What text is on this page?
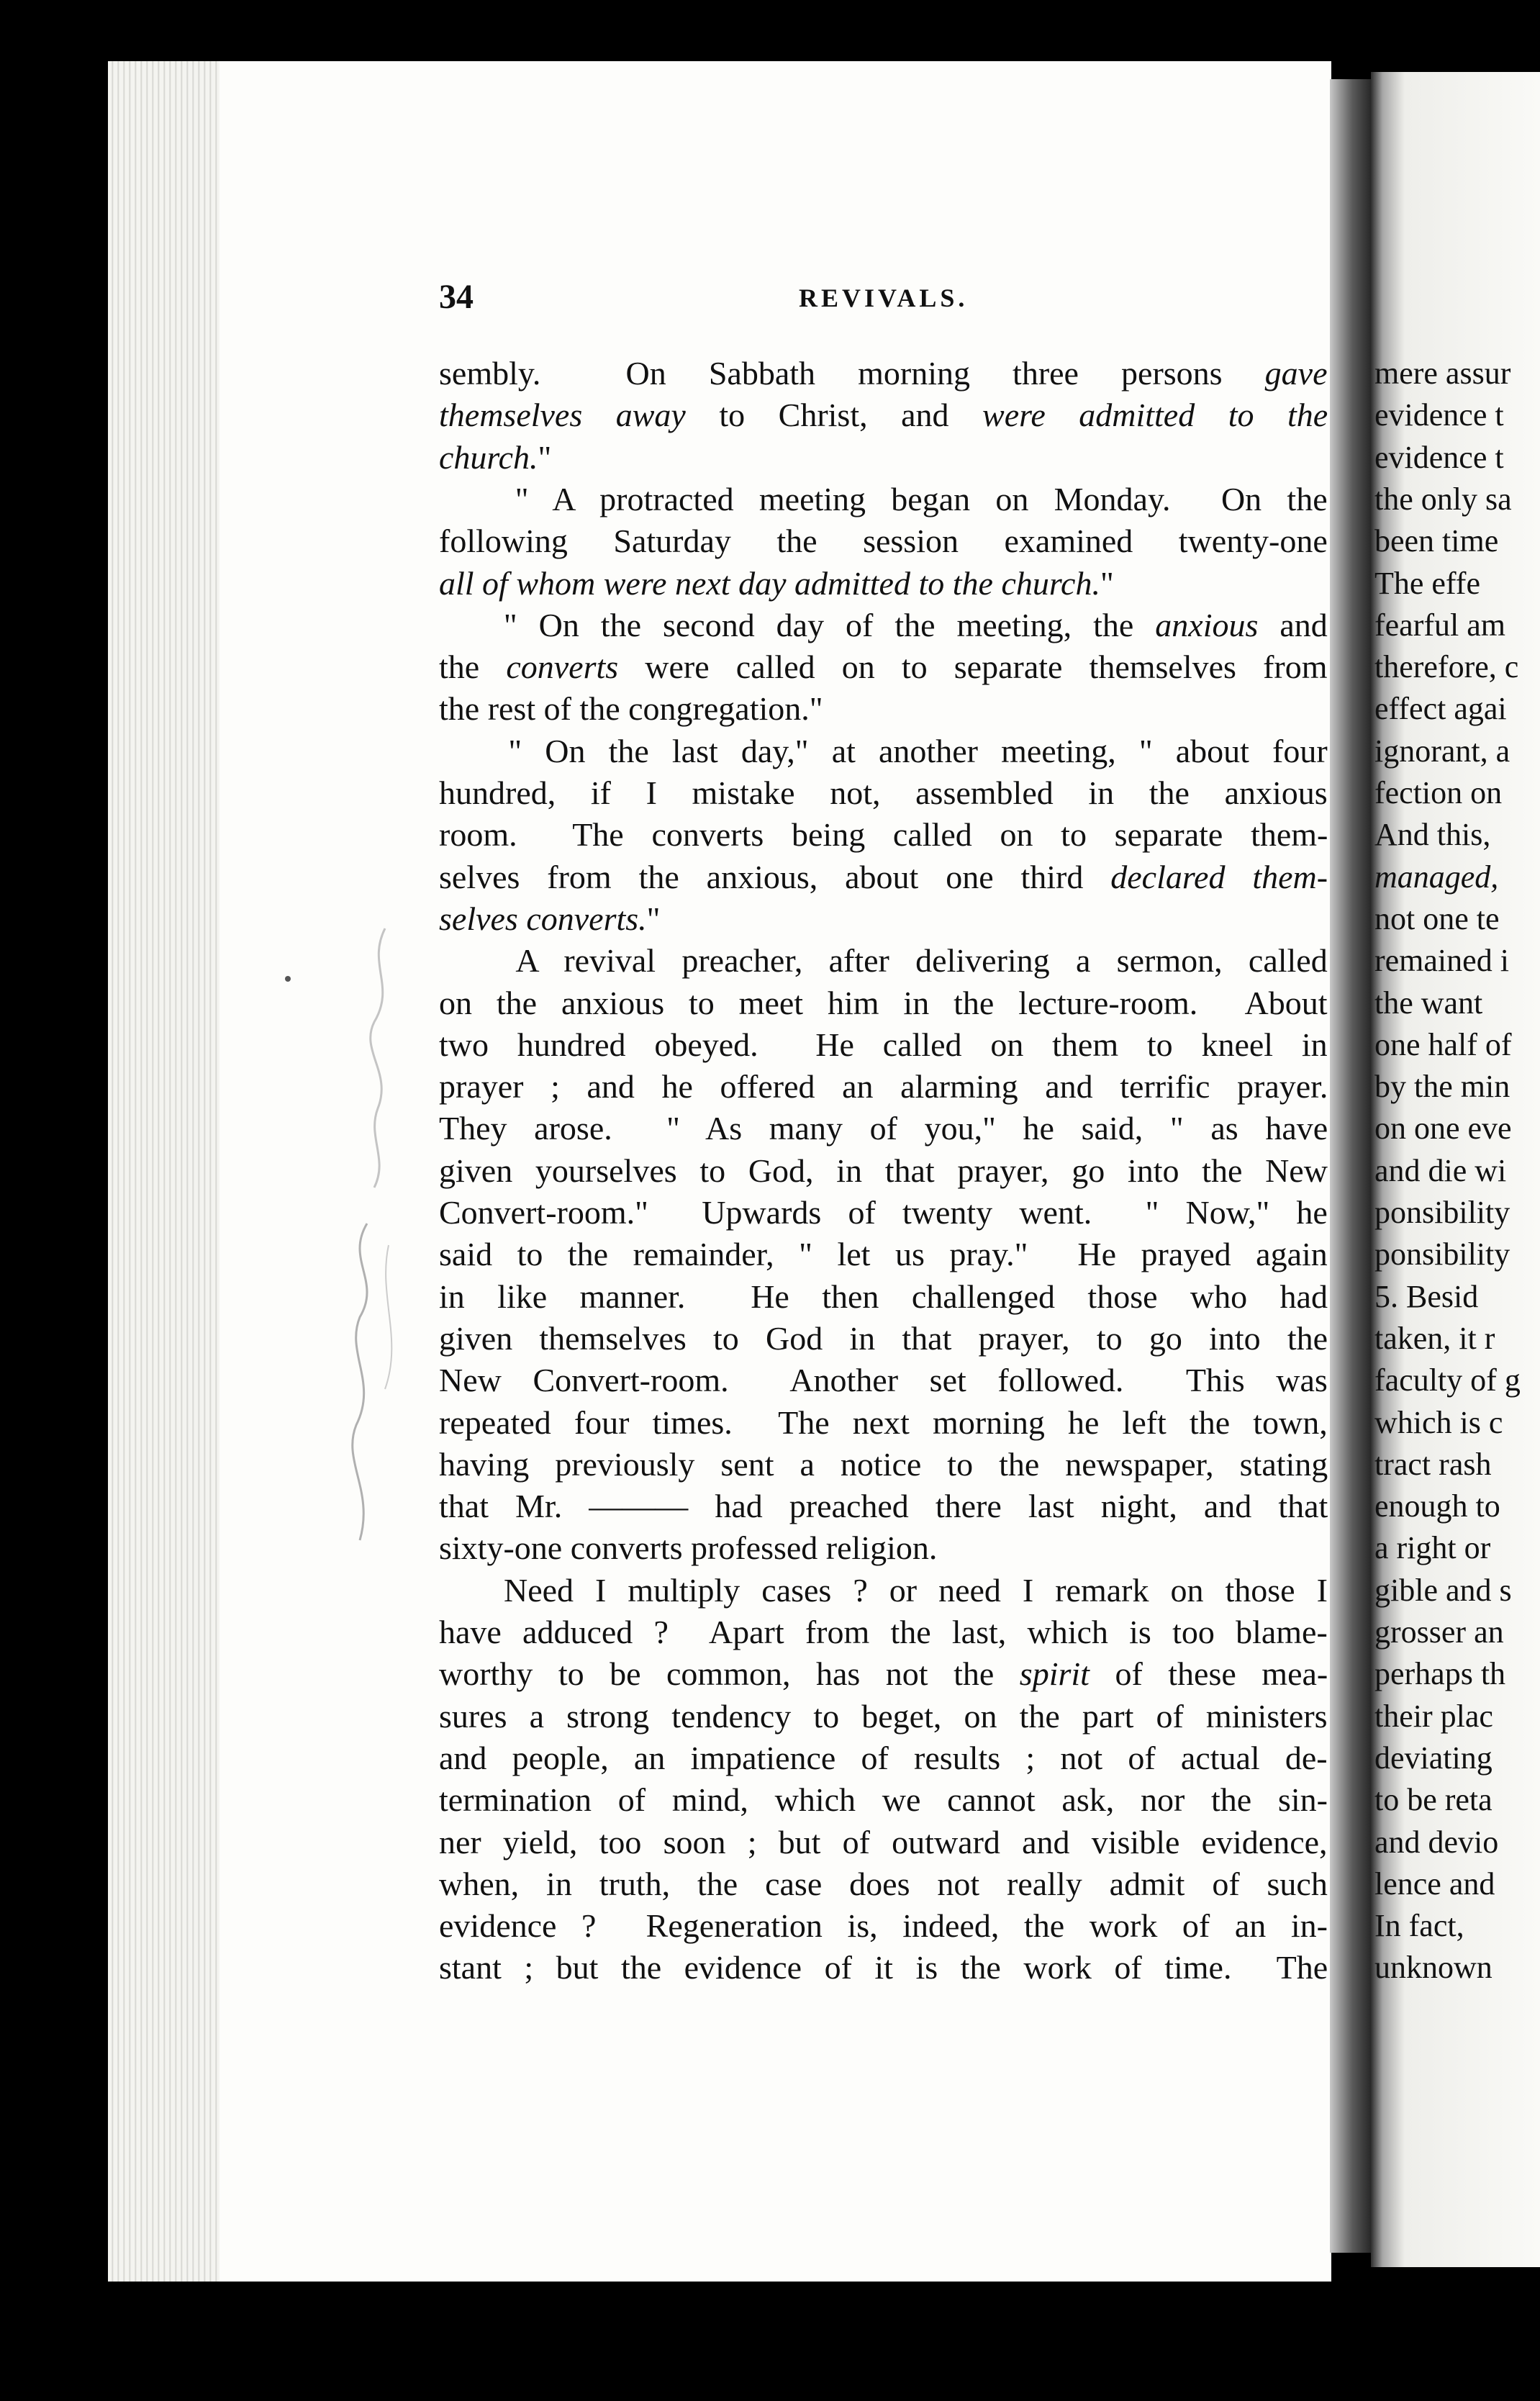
mere assur
evidence t
evidence t
the only sa
been time
The effe
fearful am
therefore, c
effect agai
ignorant, a
fection on
And this,
managed,
not one te
remained i
the want
one half of
by the min
on one eve
and die wi
ponsibility
ponsibility
5. Besid
taken, it r
faculty of g
which is c
tract rash
enough to
a right or
gible and s
grosser an
perhaps th
their plac
deviating
to be reta
and devio
lence and
In fact,
unknown
34	REVIVALS.
sembly.  On Sabbath morning three persons gave
themselves away to Christ, and were admitted to the
church."
" A protracted meeting began on Monday.  On the
following Saturday the session examined twenty-one
all of whom were next day admitted to the church."
" On the second day of the meeting, the anxious and
the converts were called on to separate themselves from
the rest of the congregation."
" On the last day," at another meeting, " about four
hundred, if I mistake not, assembled in the anxious
room.  The converts being called on to separate them-
selves from the anxious, about one third declared them-
selves converts."
A revival preacher, after delivering a sermon, called
on the anxious to meet him in the lecture-room.  About
two hundred obeyed.  He called on them to kneel in
prayer ; and he offered an alarming and terrific prayer.
They arose.  " As many of you," he said, " as have
given yourselves to God, in that prayer, go into the New
Convert-room."  Upwards of twenty went.  " Now," he
said to the remainder, " let us pray."  He prayed again
in like manner.  He then challenged those who had
given themselves to God in that prayer, to go into the
New Convert-room.  Another set followed.  This was
repeated four times.  The next morning he left the town,
having previously sent a notice to the newspaper, stating
that Mr. ——— had preached there last night, and that
sixty-one converts professed religion.
Need I multiply cases ? or need I remark on those I
have adduced ?  Apart from the last, which is too blame-
worthy to be common, has not the spirit of these mea-
sures a strong tendency to beget, on the part of ministers
and people, an impatience of results ; not of actual de-
termination of mind, which we cannot ask, nor the sin-
ner yield, too soon ; but of outward and visible evidence,
when, in truth, the case does not really admit of such
evidence ?  Regeneration is, indeed, the work of an in-
stant ; but the evidence of it is the work of time.  The
